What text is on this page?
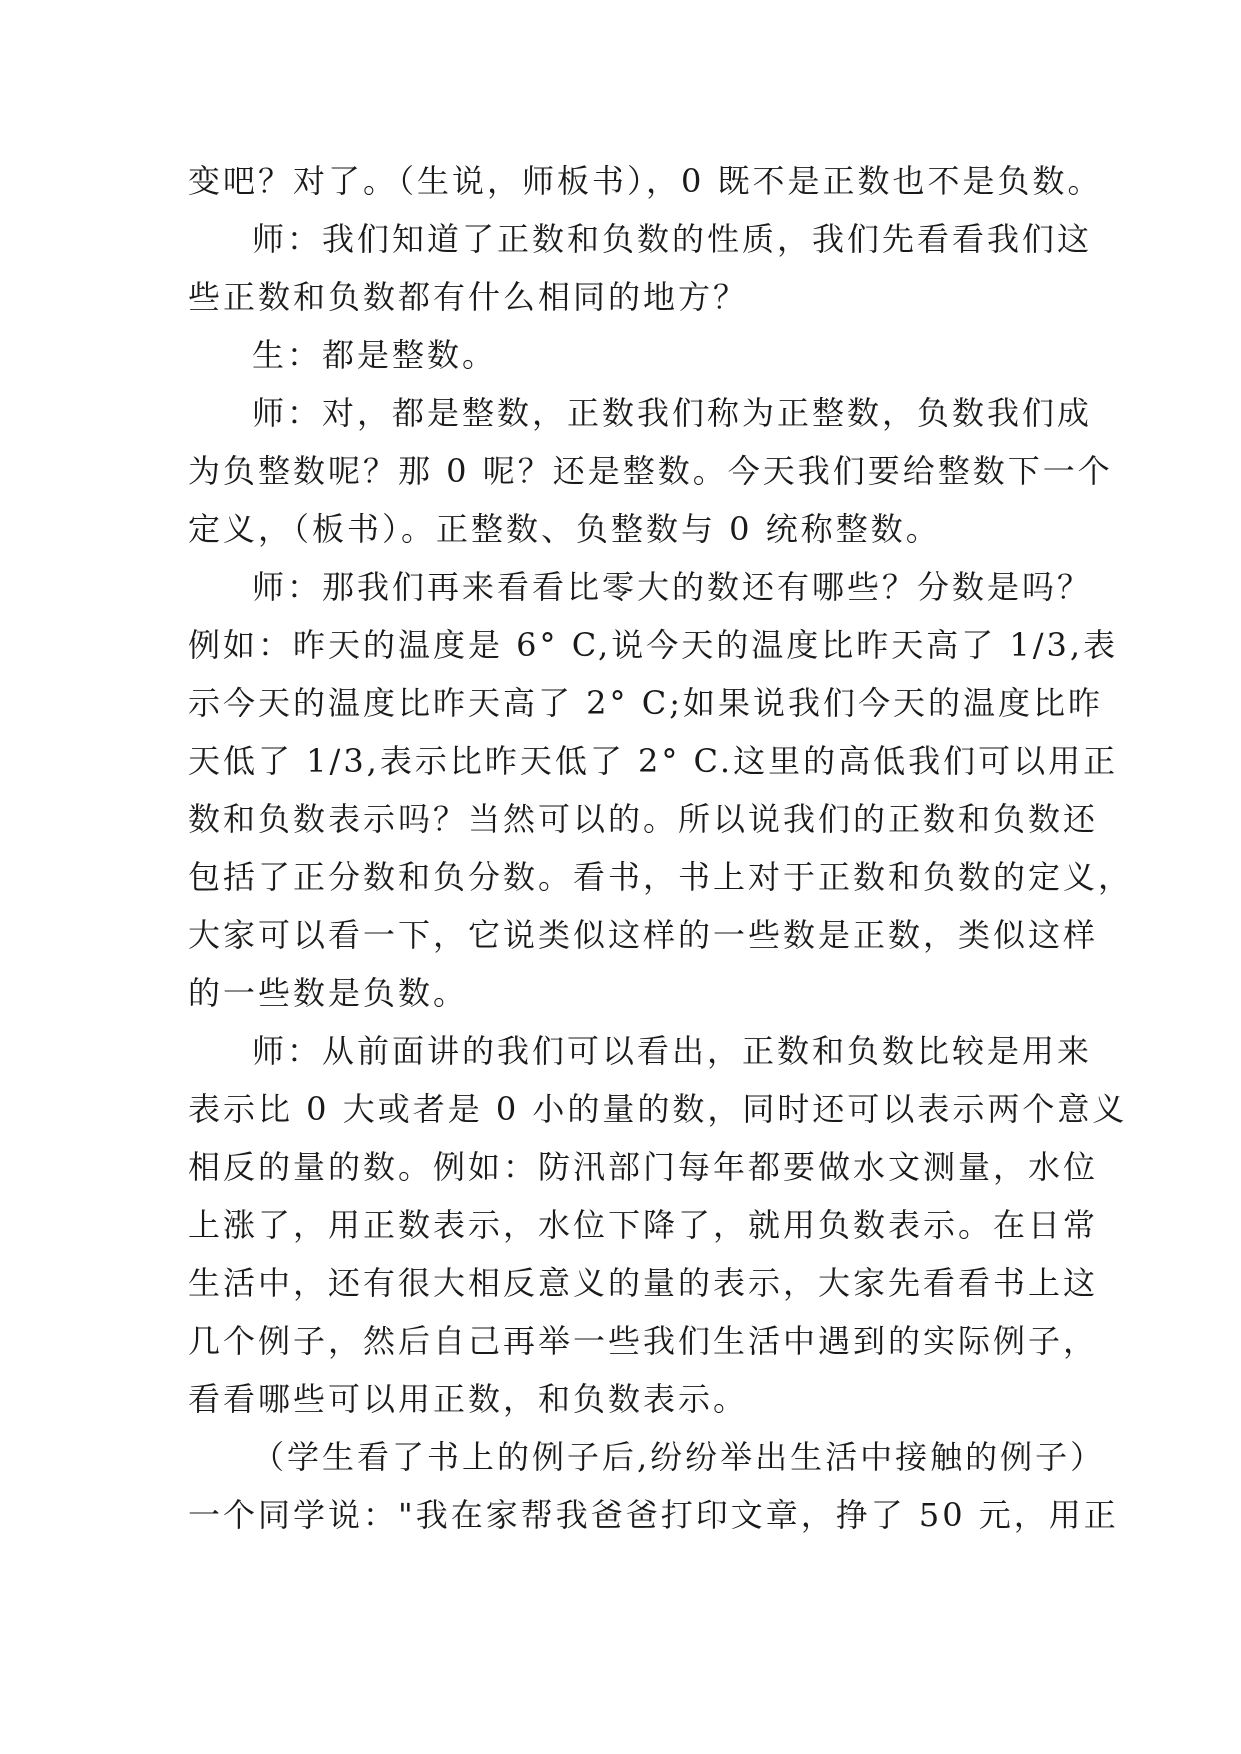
变吧？对了。（生说，师板书），0 既不是正数也不是负数。
师：我们知道了正数和负数的性质，我们先看看我们这
些正数和负数都有什么相同的地方？
生：都是整数。
师：对，都是整数，正数我们称为正整数，负数我们成
为负整数呢？那 0 呢？还是整数。今天我们要给整数下一个
定义，（板书）。正整数、负整数与 0 统称整数。
师：那我们再来看看比零大的数还有哪些？分数是吗？
例如：昨天的温度是 6° C,说今天的温度比昨天高了 1/3,表
示今天的温度比昨天高了 2° C;如果说我们今天的温度比昨
天低了 1/3,表示比昨天低了 2° C.这里的高低我们可以用正
数和负数表示吗？当然可以的。所以说我们的正数和负数还
包括了正分数和负分数。看书，书上对于正数和负数的定义，
大家可以看一下，它说类似这样的一些数是正数，类似这样
的一些数是负数。
师：从前面讲的我们可以看出，正数和负数比较是用来
表示比 0 大或者是 0 小的量的数，同时还可以表示两个意义
相反的量的数。例如：防汛部门每年都要做水文测量，水位
上涨了，用正数表示，水位下降了，就用负数表示。在日常
生活中，还有很大相反意义的量的表示，大家先看看书上这
几个例子，然后自己再举一些我们生活中遇到的实际例子，
看看哪些可以用正数，和负数表示。
（学生看了书上的例子后,纷纷举出生活中接触的例子）
一个同学说："我在家帮我爸爸打印文章，挣了 50 元，用正
